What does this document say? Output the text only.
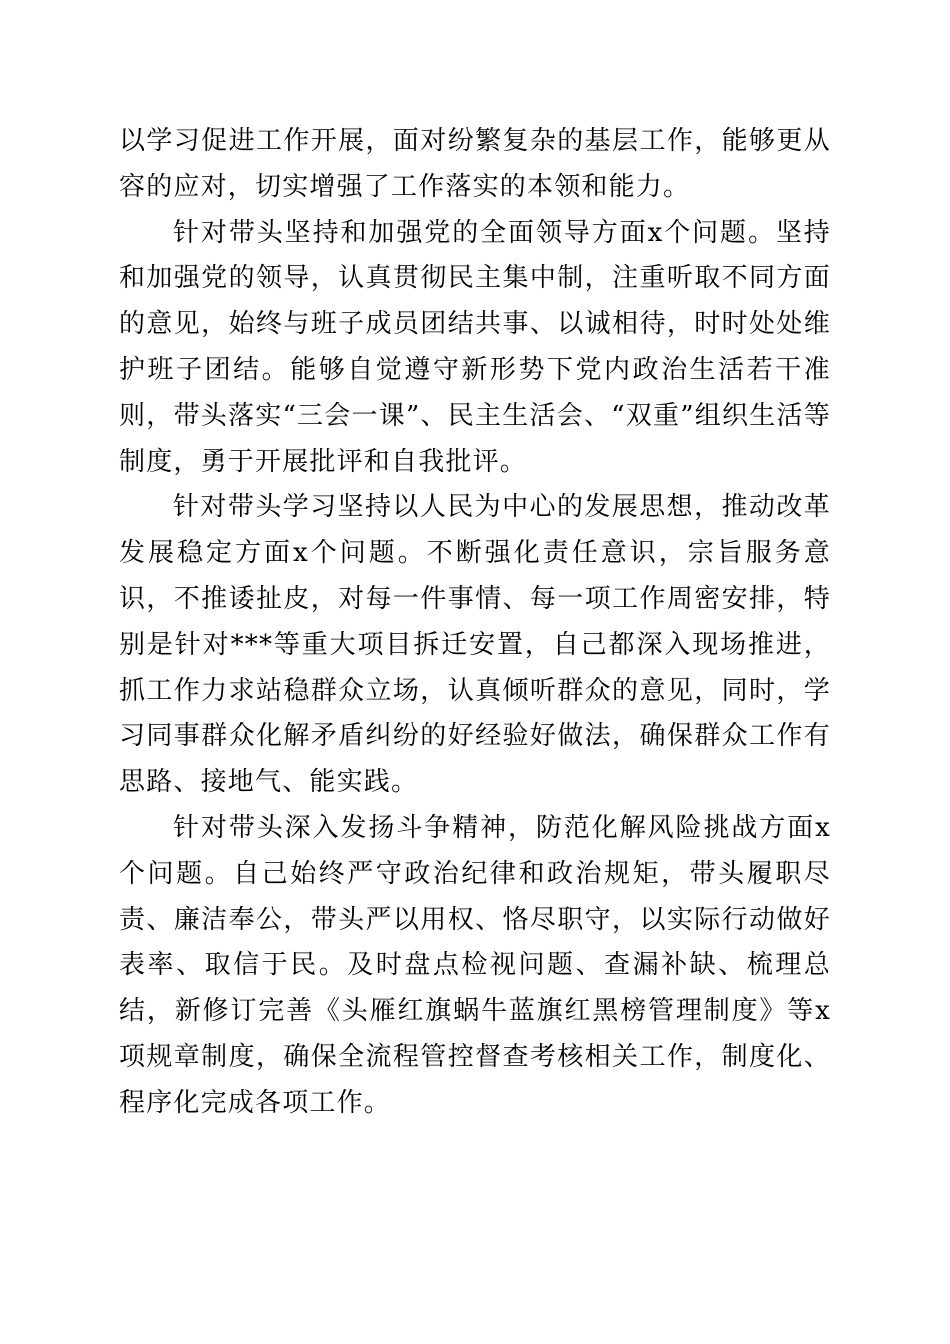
以学习促进工作开展，面对纷繁复杂的基层工作，能够更从容的应对，切实增强了工作落实的本领和能力。

针对带头坚持和加强党的全面领导方面x个问题。坚持和加强党的领导，认真贯彻民主集中制，注重听取不同方面的意见，始终与班子成员团结共事、以诚相待，时时处处维护班子团结。能够自觉遵守新形势下党内政治生活若干准则，带头落实“三会一课”、民主生活会、“双重”组织生活等制度，勇于开展批评和自我批评。

针对带头学习坚持以人民为中心的发展思想，推动改革发展稳定方面x个问题。不断强化责任意识，宗旨服务意识，不推诿扯皮，对每一件事情、每一项工作周密安排，特别是针对***等重大项目拆迁安置，自己都深入现场推进，抓工作力求站稳群众立场，认真倾听群众的意见，同时，学习同事群众化解矛盾纠纷的好经验好做法，确保群众工作有思路、接地气、能实践。

针对带头深入发扬斗争精神，防范化解风险挑战方面x个问题。自己始终严守政治纪律和政治规矩，带头履职尽责、廉洁奉公，带头严以用权、恪尽职守，以实际行动做好表率、取信于民。及时盘点检视问题、查漏补缺、梳理总结，新修订完善《头雁红旗蜗牛蓝旗红黑榜管理制度》等x项规章制度，确保全流程管控督查考核相关工作，制度化、程序化完成各项工作。
